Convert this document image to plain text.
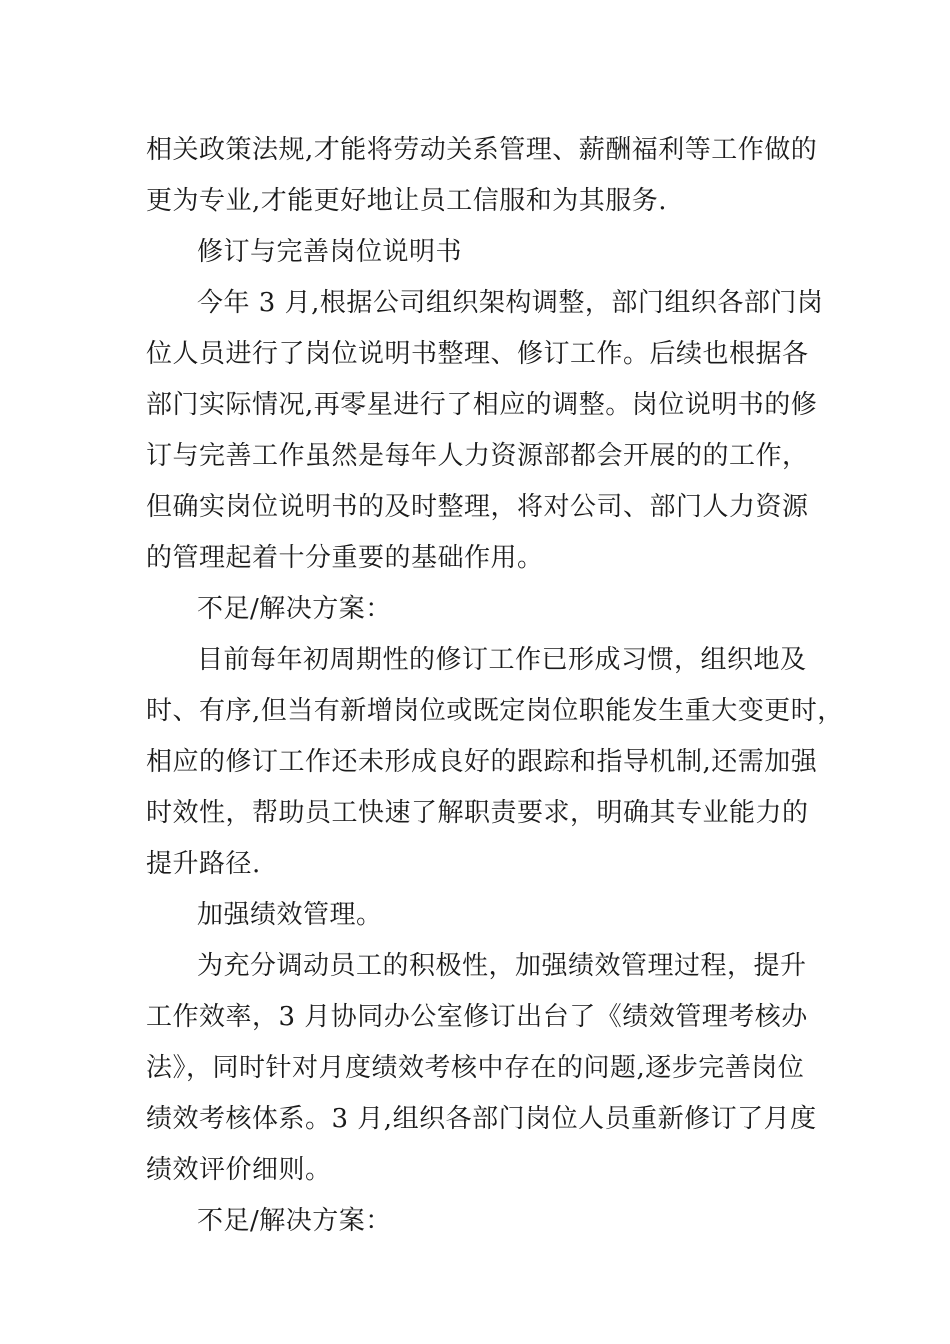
相关政策法规,才能将劳动关系管理、薪酬福利等工作做的
更为专业,才能更好地让员工信服和为其服务.
修订与完善岗位说明书
今年 3 月,根据公司组织架构调整，部门组织各部门岗
位人员进行了岗位说明书整理、修订工作。后续也根据各
部门实际情况,再零星进行了相应的调整。岗位说明书的修
订与完善工作虽然是每年人力资源部都会开展的的工作，
但确实岗位说明书的及时整理，将对公司、部门人力资源
的管理起着十分重要的基础作用。
不足/解决方案：
目前每年初周期性的修订工作已形成习惯，组织地及
时、有序,但当有新增岗位或既定岗位职能发生重大变更时，
相应的修订工作还未形成良好的跟踪和指导机制,还需加强
时效性，帮助员工快速了解职责要求，明确其专业能力的
提升路径.
加强绩效管理。
为充分调动员工的积极性，加强绩效管理过程，提升
工作效率，3 月协同办公室修订出台了《绩效管理考核办
法》，同时针对月度绩效考核中存在的问题,逐步完善岗位
绩效考核体系。3 月,组织各部门岗位人员重新修订了月度
绩效评价细则。
不足/解决方案：
